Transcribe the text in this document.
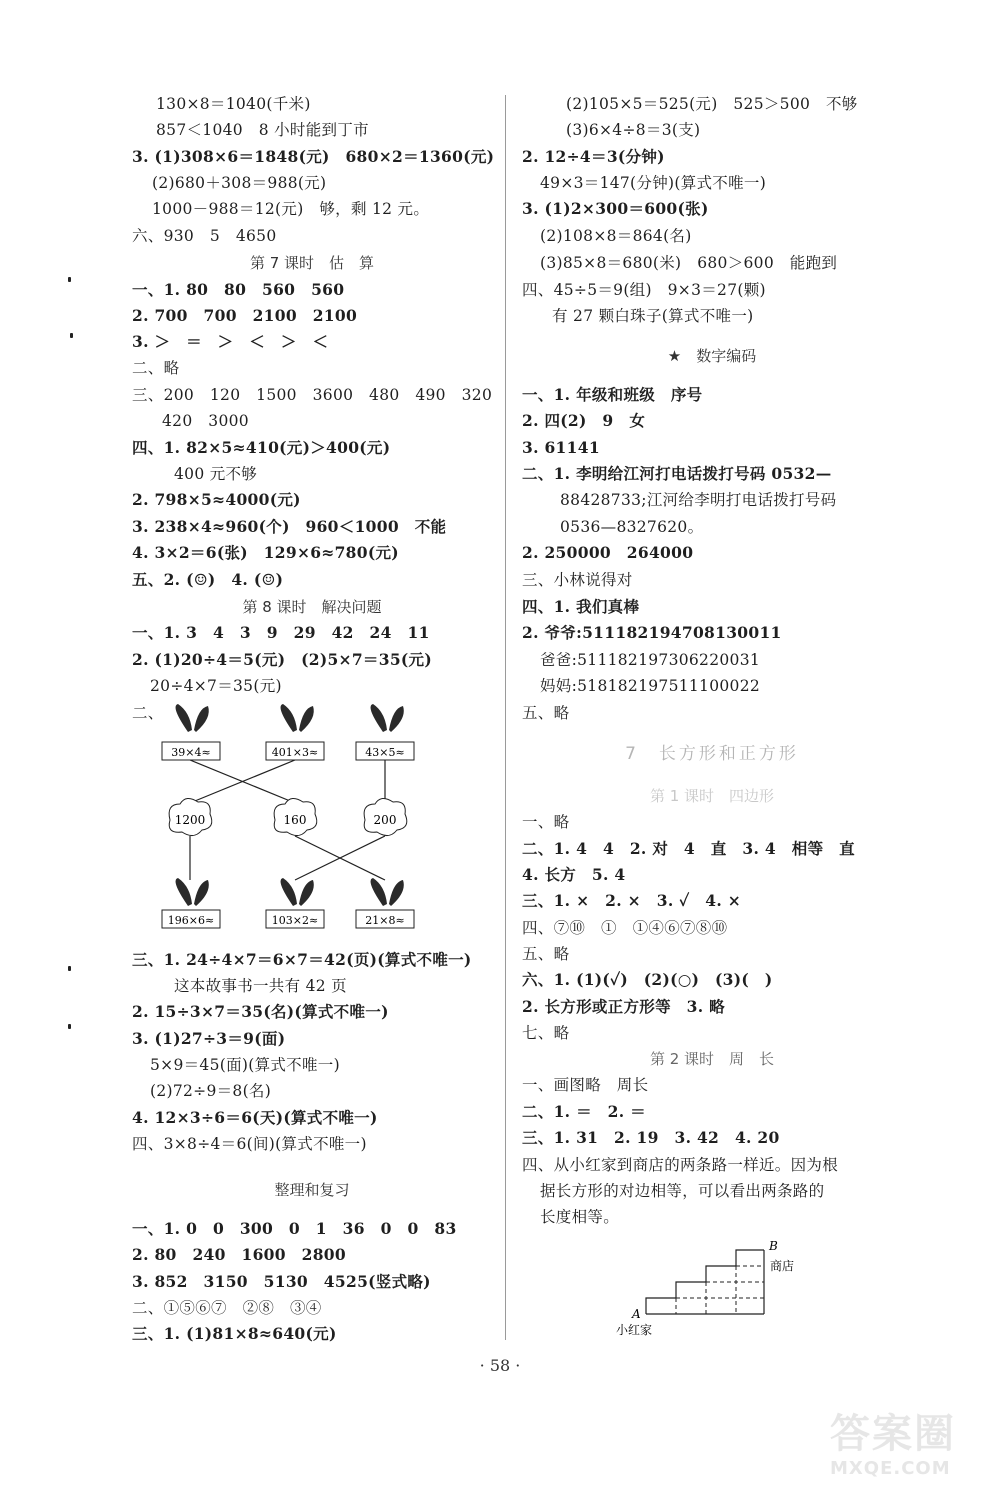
130×8＝1040(千米)
857＜1040　8 小时能到丁市
3. (1)308×6＝1848(元)　680×2＝1360(元)
(2)680＋308＝988(元)
1000－988＝12(元)　够，剩 12 元。
六、930　5　4650
第 7 课时　估　算
一、1. 80　80　560　560
2. 700　700　2100　2100
3. ＞　＝　＞　＜　＞　＜
二、略
三、200　120　1500　3600　480　490　320
420　3000
四、1. 82×5≈410(元)＞400(元)
400 元不够
2. 798×5≈4000(元)
3. 238×4≈960(个)　960＜1000　不能
4. 3×2＝6(张)　129×6≈780(元)
五、2. (☺)　4. (☺)
第 8 课时　解决问题
一、1. 3　4　3　9　29　42　24　11
2. (1)20÷4＝5(元)　(2)5×7＝35(元)
20÷4×7＝35(元)
二、
三、1. 24÷4×7＝6×7＝42(页)(算式不唯一)
这本故事书一共有 42 页
2. 15÷3×7＝35(名)(算式不唯一)
3. (1)27÷3＝9(面)
5×9＝45(面)(算式不唯一)
(2)72÷9＝8(名)
4. 12×3÷6＝6(天)(算式不唯一)
四、3×8÷4＝6(间)(算式不唯一)
整理和复习
一、1. 0　0　300　0　1　36　0　0　83
2. 80　240　1600　2800
3. 852　3150　5130　4525(竖式略)
二、①⑤⑥⑦　②⑧　③④
三、1. (1)81×8≈640(元)
39×4≈	401×3≈	43×5≈
1200	160	200
196×6≈	103×2≈	21×8≈
(2)105×5＝525(元)　525＞500　不够
(3)6×4÷8＝3(支)
2. 12÷4＝3(分钟)
49×3＝147(分钟)(算式不唯一)
3. (1)2×300＝600(张)
(2)108×8＝864(名)
(3)85×8＝680(米)　680＞600　能跑到
四、45÷5＝9(组)　9×3＝27(颗)
有 27 颗白珠子(算式不唯一)
★　数字编码
一、1. 年级和班级　序号
2. 四(2)　9　女
3. 61141
二、1. 李明给江河打电话拨打号码 0532—
88428733;江河给李明打电话拨打号码
0536—8327620。
2. 250000　264000
三、小林说得对
四、1. 我们真棒
2. 爷爷:511182194708130011
爸爸:511182197306220031
妈妈:518182197511100022
五、略
7　长方形和正方形
第 1 课时　四边形
一、略
二、1. 4　4　2. 对　4　直　3. 4　相等　直
4. 长方　5. 4
三、1. ×　2. ×　3. ✓　4. ×
四、⑦⑩　①　①④⑥⑦⑧⑩
五、略
六、1. (1)(✓)　(2)(○)　(3)(　)
2. 长方形或正方形等　3. 略
七、略
第 2 课时　周　长
一、画图略　周长
二、1. ＝　2. ＝
三、1. 31　2. 19　3. 42　4. 20
四、从小红家到商店的两条路一样近。因为根
据长方形的对边相等，可以看出两条路的
长度相等。
A
B
小红家
商店
· 58 ·
答案圈
MXQE.COM
